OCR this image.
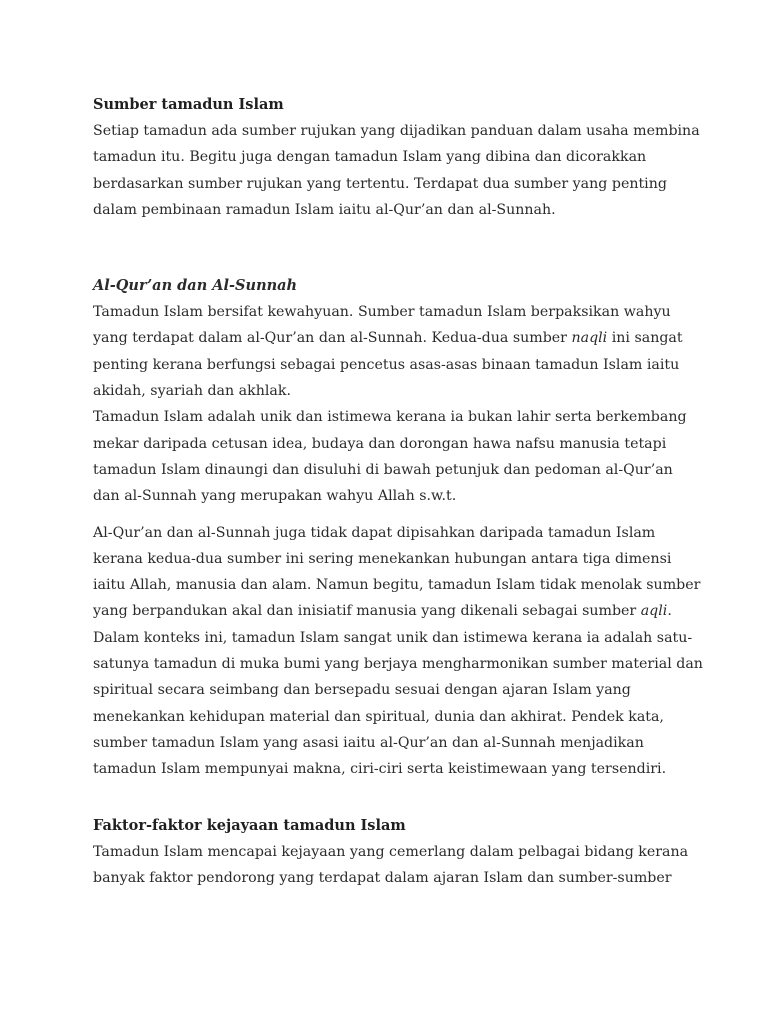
Sumber tamadun Islam

Setiap tamadun ada sumber rujukan yang dijadikan panduan dalam usaha membina
tamadun itu. Begitu juga dengan tamadun Islam yang dibina dan dicorakkan
berdasarkan sumber rujukan yang tertentu. Terdapat dua sumber yang penting
dalam pembinaan ramadun Islam iaitu al-Qur’an dan al-Sunnah.

Al-Qur’an dan Al-Sunnah

Tamadun Islam bersifat kewahyuan. Sumber tamadun Islam berpaksikan wahyu
yang terdapat dalam al-Qur’an dan al-Sunnah. Kedua-dua sumber naqli ini sangat
penting kerana berfungsi sebagai pencetus asas-asas binaan tamadun Islam iaitu
akidah, syariah dan akhlak.

Tamadun Islam adalah unik dan istimewa kerana ia bukan lahir serta berkembang
mekar daripada cetusan idea, budaya dan dorongan hawa nafsu manusia tetapi
tamadun Islam dinaungi dan disuluhi di bawah petunjuk dan pedoman al-Qur’an
dan al-Sunnah yang merupakan wahyu Allah s.w.t.

Al-Qur’an dan al-Sunnah juga tidak dapat dipisahkan daripada tamadun Islam
kerana kedua-dua sumber ini sering menekankan hubungan antara tiga dimensi
iaitu Allah, manusia dan alam. Namun begitu, tamadun Islam tidak menolak sumber
yang berpandukan akal dan inisiatif manusia yang dikenali sebagai sumber aqli.
Dalam konteks ini, tamadun Islam sangat unik dan istimewa kerana ia adalah satu-
satunya tamadun di muka bumi yang berjaya mengharmonikan sumber material dan
spiritual secara seimbang dan bersepadu sesuai dengan ajaran Islam yang
menekankan kehidupan material dan spiritual, dunia dan akhirat. Pendek kata,
sumber tamadun Islam yang asasi iaitu al-Qur’an dan al-Sunnah menjadikan
tamadun Islam mempunyai makna, ciri-ciri serta keistimewaan yang tersendiri.

Faktor-faktor kejayaan tamadun Islam

Tamadun Islam mencapai kejayaan yang cemerlang dalam pelbagai bidang kerana
banyak faktor pendorong yang terdapat dalam ajaran Islam dan sumber-sumber
